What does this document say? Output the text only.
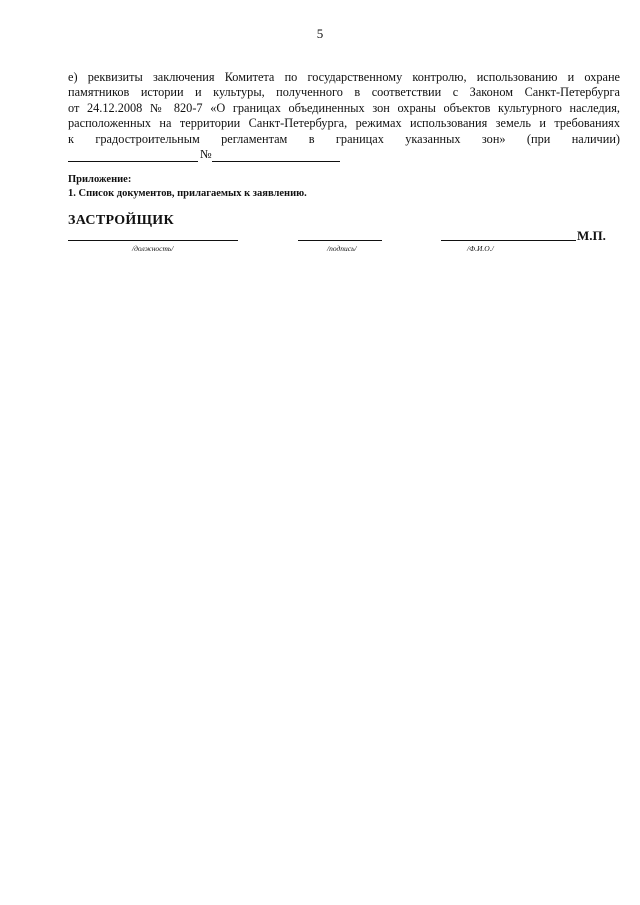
5
е) реквизиты заключения Комитета по государственному контролю, использованию и охране
памятников истории и культуры, полученного в соответствии с Законом Санкт-Петербурга
от 24.12.2008 № 820-7 «О границах объединенных зон охраны объектов культурного наследия,
расположенных на территории Санкт-Петербурга, режимах использования земель и требованиях
к градостроительным регламентам в границах указанных зон» (при наличии)
№
Приложение:
1. Список документов, прилагаемых к заявлению.
ЗАСТРОЙЩИК
/должность/	/подпись/	/Ф.И.О./
М.П.
